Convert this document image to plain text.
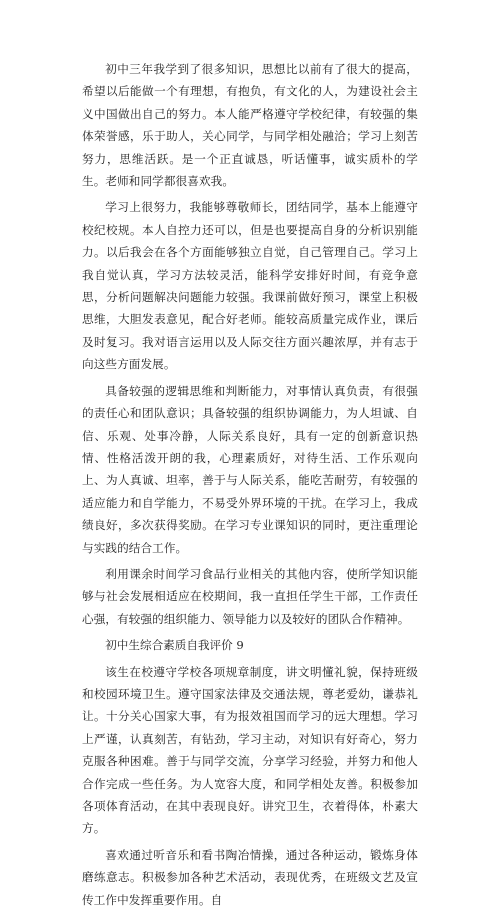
初中三年我学到了很多知识，思想比以前有了很大的提高，希望以后能做一个有理想，有抱负，有文化的人，为建设社会主义中国做出自己的努力。本人能严格遵守学校纪律，有较强的集体荣誉感，乐于助人，关心同学，与同学相处融洽；学习上刻苦努力，思维活跃。是一个正直诚恳，听话懂事，诚实质朴的学生。老师和同学都很喜欢我。

学习上很努力，我能够尊敬师长，团结同学，基本上能遵守校纪校规。本人自控力还可以，但是也要提高自身的分析识别能力。以后我会在各个方面能够独立自觉，自己管理自己。学习上我自觉认真，学习方法较灵活，能科学安排好时间，有竞争意思，分析问题解决问题能力较强。我课前做好预习，课堂上积极思维，大胆发表意见，配合好老师。能较高质量完成作业，课后及时复习。我对语言运用以及人际交往方面兴趣浓厚，并有志于向这些方面发展。

具备较强的逻辑思维和判断能力，对事情认真负责，有很强的责任心和团队意识；具备较强的组织协调能力，为人坦诚、自信、乐观、处事冷静，人际关系良好，具有一定的创新意识热情、性格活泼开朗的我，心理素质好，对待生活、工作乐观向上、为人真诚、坦率，善于与人际关系，能吃苦耐劳，有较强的适应能力和自学能力，不易受外界环境的干扰。在学习上，我成绩良好，多次获得奖励。在学习专业课知识的同时，更注重理论与实践的结合工作。

利用课余时间学习食品行业相关的其他内容，使所学知识能够与社会发展相适应在校期间，我一直担任学生干部，工作责任心强，有较强的组织能力、领导能力以及较好的团队合作精神。

初中生综合素质自我评价 9

该生在校遵守学校各项规章制度，讲文明懂礼貌，保持班级和校园环境卫生。遵守国家法律及交通法规，尊老爱幼，谦恭礼让。十分关心国家大事，有为报效祖国而学习的远大理想。学习上严谨，认真刻苦，有钻劲，学习主动，对知识有好奇心，努力克服各种困难。善于与同学交流，分享学习经验，并努力和他人合作完成一些任务。为人宽容大度，和同学相处友善。积极参加各项体育活动，在其中表现良好。讲究卫生，衣着得体，朴素大方。

喜欢通过听音乐和看书陶冶情操，通过各种运动，锻炼身体磨练意志。积极参加各种艺术活动，表现优秀，在班级文艺及宣传工作中发挥重要作用。自
